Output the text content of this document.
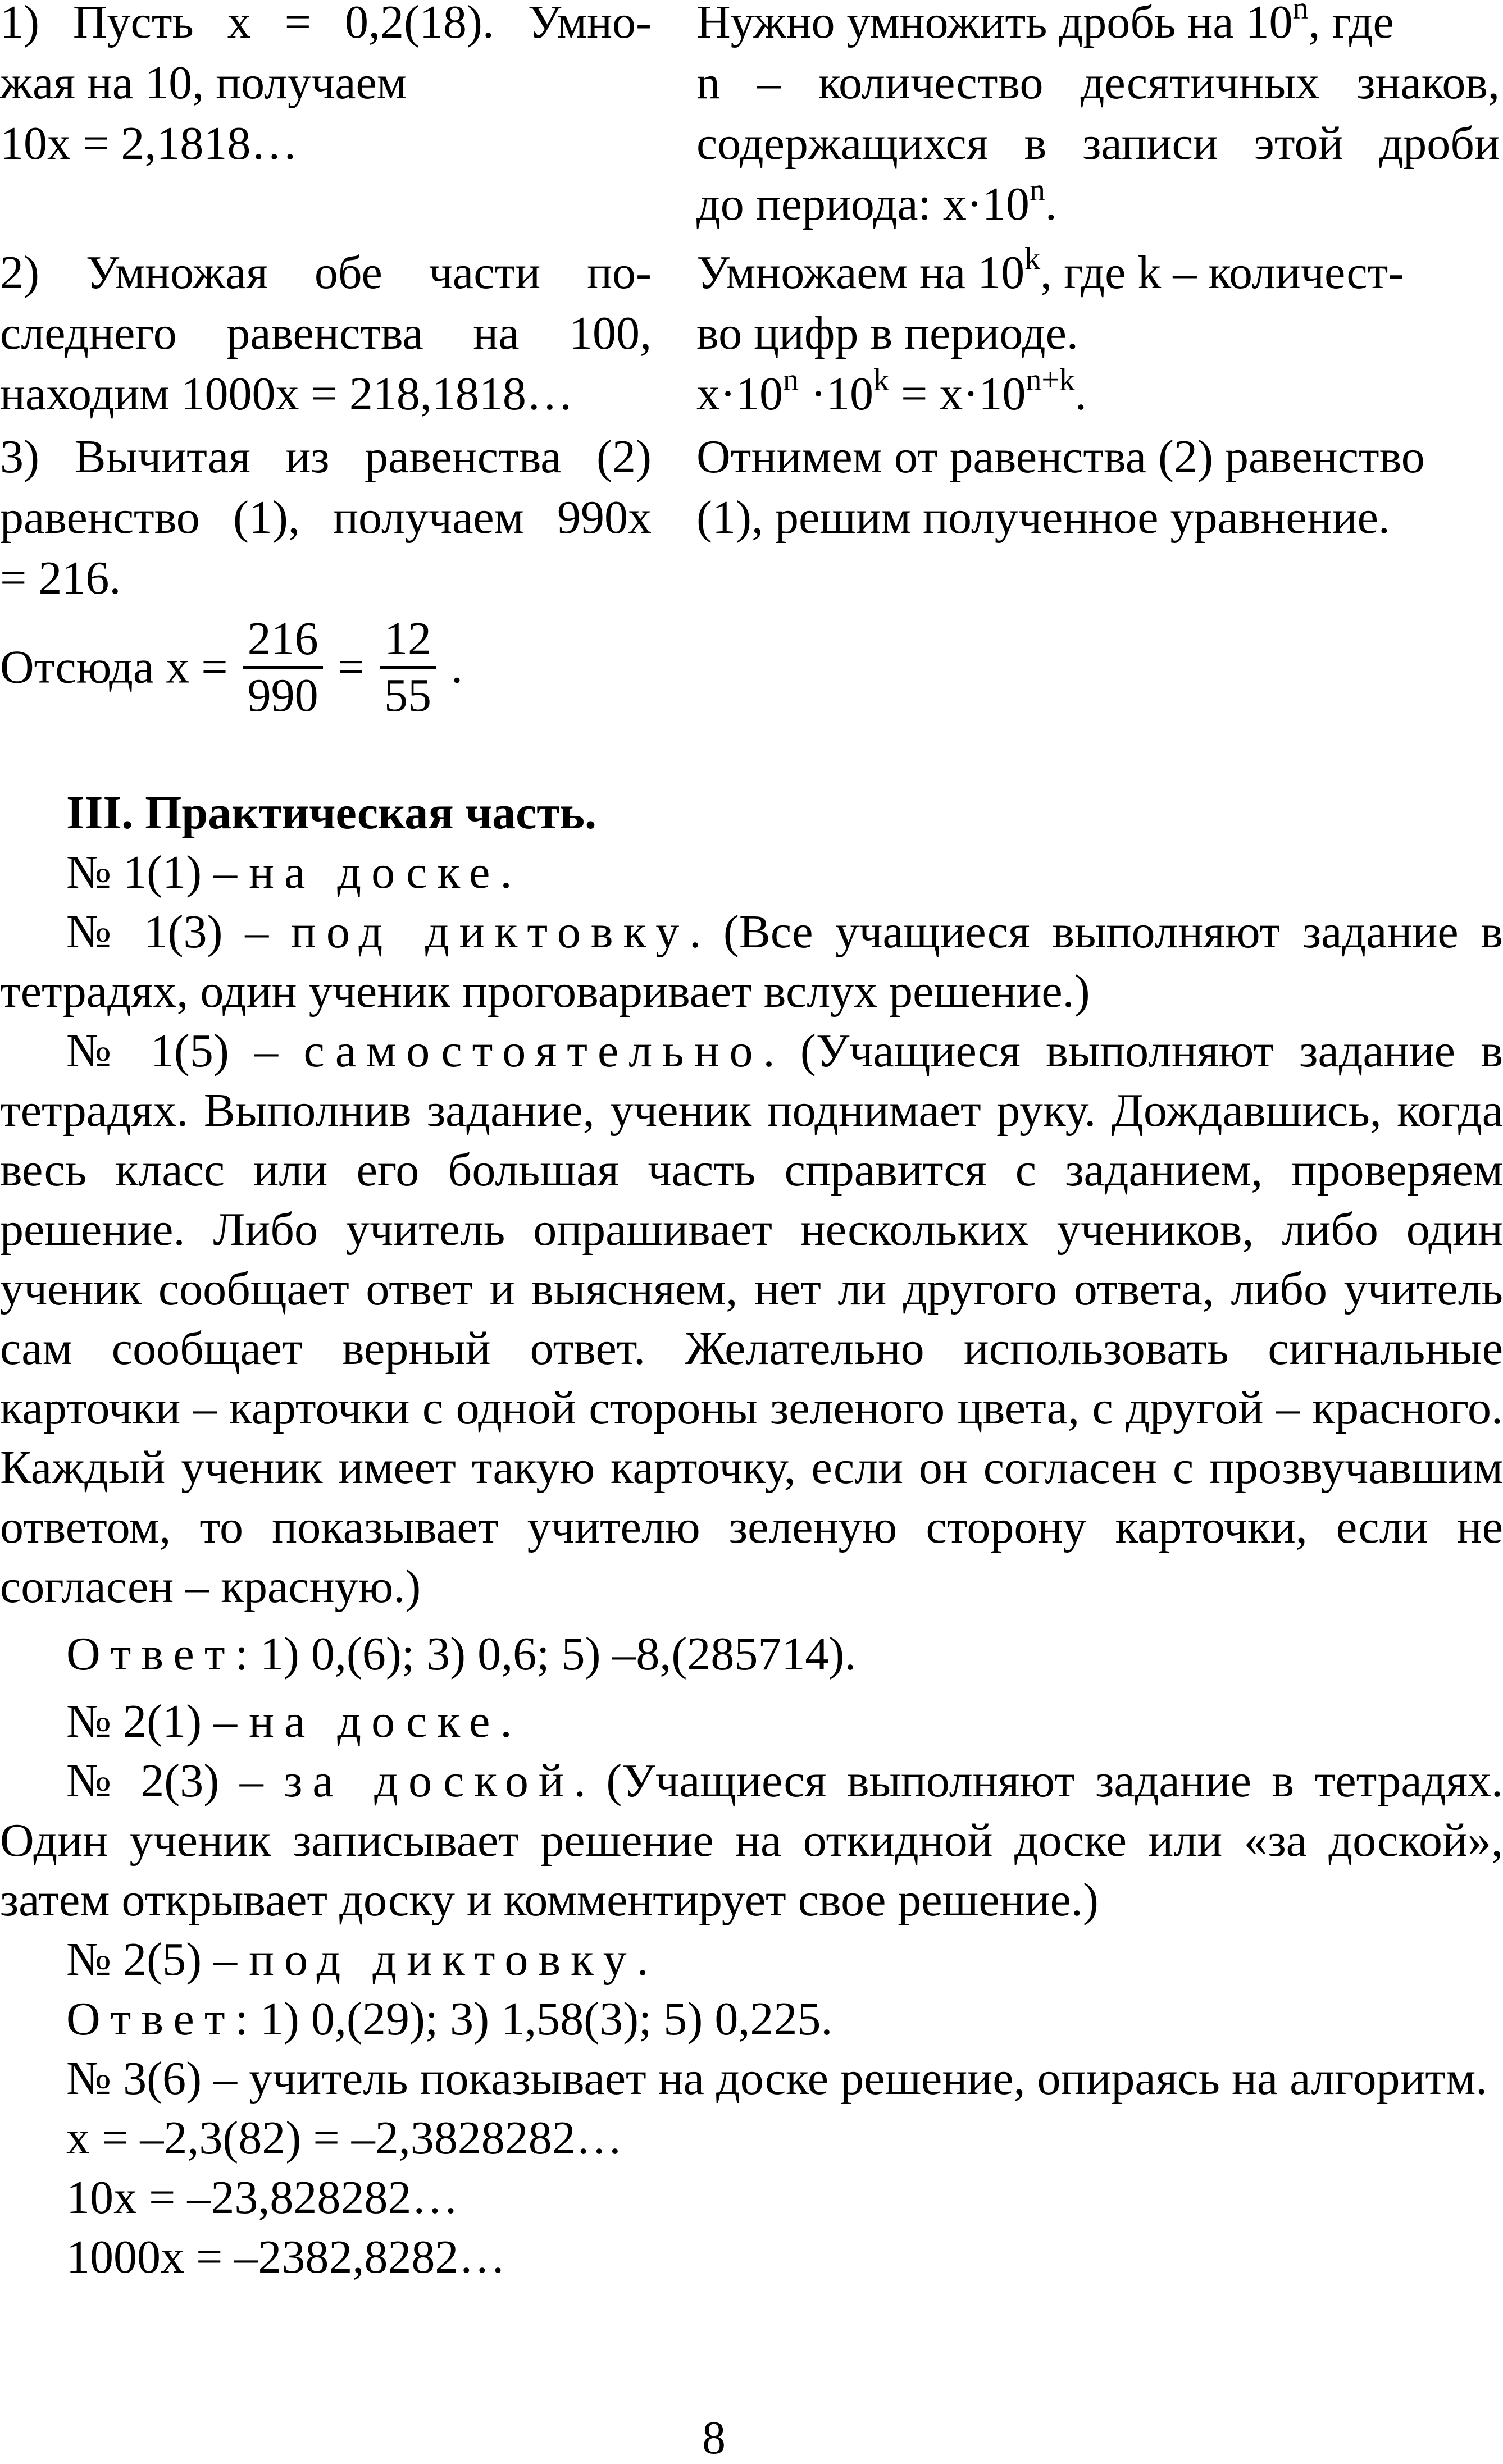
1) Пусть x = 0,2(18). Умно-
жая на 10, получаем
10x = 2,1818…
Нужно умножить дробь на 10$^n$, где
n – количество десятичных знаков,
содержащихся в записи этой дроби
до периода: $x\cdot 10^n$.
2) Умножая обе части по-
следнего равенства на 100,
находим 1000x = 218,1818…
Умножаем на 10$^k$, где k – количест-
во цифр в периоде.
$x\cdot 10^n \cdot 10^k = x\cdot 10^{n+k}$.
3) Вычитая из равенства (2)
равенство (1), получаем 990x
= 216.
Отнимем от равенства (2) равенство
(1), решим полученное уравнение.
Отсюда $x = \frac{216}{990} = \frac{12}{55}$ .

III. Практическая часть.

№ 1(1) – на доске.

№ 1(3) – под диктовку. (Все учащиеся выполняют задание в тетрадях, один ученик проговаривает вслух решение.)

№ 1(5) – самостоятельно. (Учащиеся выполняют задание в тетрадях. Выполнив задание, ученик поднимает руку. Дождавшись, когда весь класс или его большая часть справится с заданием, проверяем решение. Либо учитель опрашивает нескольких учеников, либо один ученик сообщает ответ и выясняем, нет ли другого ответа, либо учитель сам сообщает верный ответ. Желательно использовать сигнальные карточки – карточки с одной стороны зеленого цвета, с другой – красного. Каждый ученик имеет такую карточку, если он согласен с прозвучавшим ответом, то показывает учителю зеленую сторону карточки, если не согласен – красную.)

Ответ: 1) 0,(6); 3) 0,6; 5) –8,(285714).

№ 2(1) – на доске.

№ 2(3) – за доской. (Учащиеся выполняют задание в тетрадях. Один ученик записывает решение на откидной доске или «за доской», затем открывает доску и комментирует свое решение.)

№ 2(5) – под диктовку.

Ответ: 1) 0,(29); 3) 1,58(3); 5) 0,225.

№ 3(6) – учитель показывает на доске решение, опираясь на алгоритм.

x = –2,3(82) = –2,3828282…

10x = –23,828282…

1000x = –2382,8282…

8
